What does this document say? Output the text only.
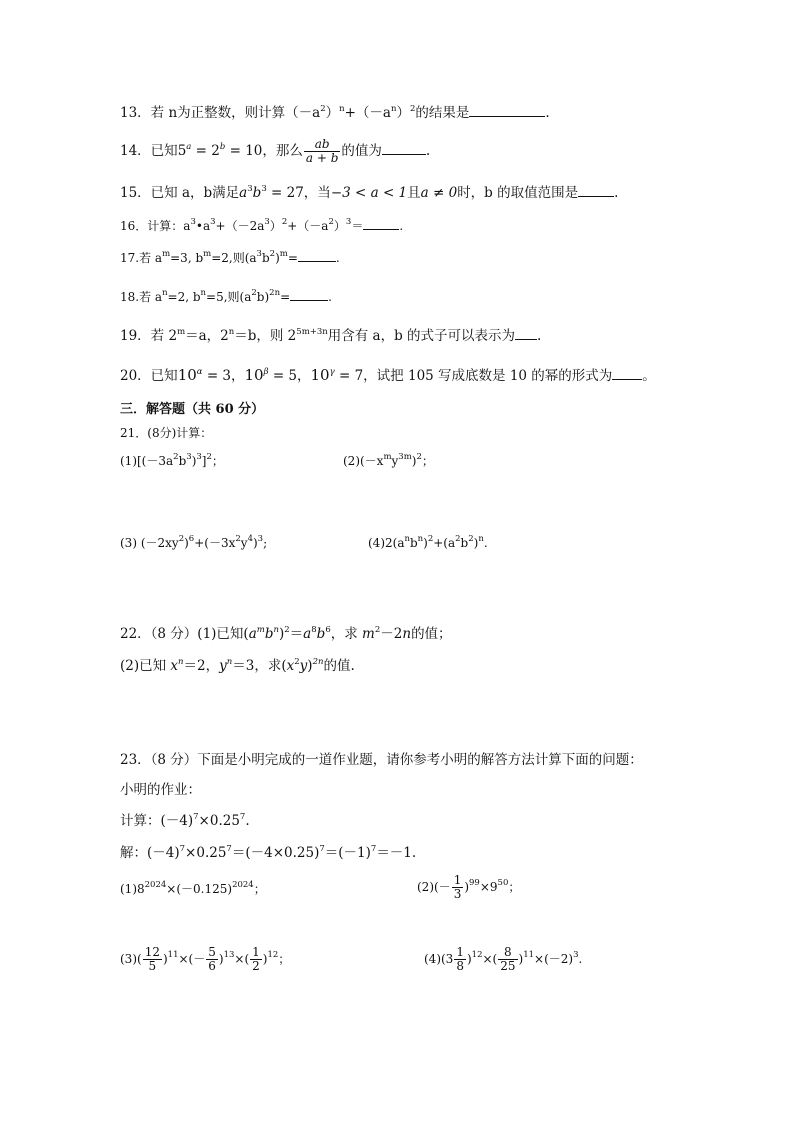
13．若 n为正整数，则计算$(-a^2)^n+(-a^n)^2$的结果是	.
14．已知$5^a = 2^b = 10$，那么 $\frac{ab}{a + b}$ 的值为	.
15．已知 a，b满足$a^3b^3 = 27$，当−3 < a < 1且a ≠ 0时，b 的取值范围是	.
16．计算：$a^3•a^3+(-2a^3)^2+(-a^2)^3=$	.
17.若 $a^m=3$, $b^m=2$,则$(a^3b^2)^m=$	.
18.若 $a^n=2$, $b^n=5$,则$(a^2b)^{2n}=$	.
19．若 $2^m=a$，$2^n=b$，则 $2^{5m+3n}$用含有 a，b 的式子可以表示为 .
20．已知$10^\alpha = 3$，$10^\beta = 5$，$10^\gamma = 7$，试把 105 写成底数是 10 的幂的形式为 。
三．解答题（共 60 分）
21．(8分)计算：
$(1)[(-3a^2b^3)^3]^2$；	$(2)(-x^my^{3m})^2$；
(3) $(-2xy^2)^6+(-3x^2y^4)^3$;	$(4)2(a^nb^n)^2+(a^2b^2)^n$.
22．（8 分）(1)已知$(a^mb^n)^2=a^8b^6$，求 $m^2-2n$的值；
(2)已知 $x^n=2$，$y^n=3$，求$(x^2y)^{2n}$的值.
23．（8 分）下面是小明完成的一道作业题，请你参考小明的解答方法计算下面的问题：
小明的作业：
计算：$(-4)^7\times 0.25^7$.
解：$(-4)^7\times 0.25^7=(-4\times 0.25)^7=(-1)^7=-1$.
$(1)8^{2024}\times(-0.125)^{2024}$；	$(2)(- \frac{1}{3} )^{99}\times 9^{50}$；
$(3)( \frac{12}{5} )^{11}\times(- \frac{5}{6} )^{13}\times( \frac{1}{2} )^{12}$；	$(4)(3 \frac{1}{8} )^{12}\times( \frac{8}{25} )^{11}\times(-2)^3$.
